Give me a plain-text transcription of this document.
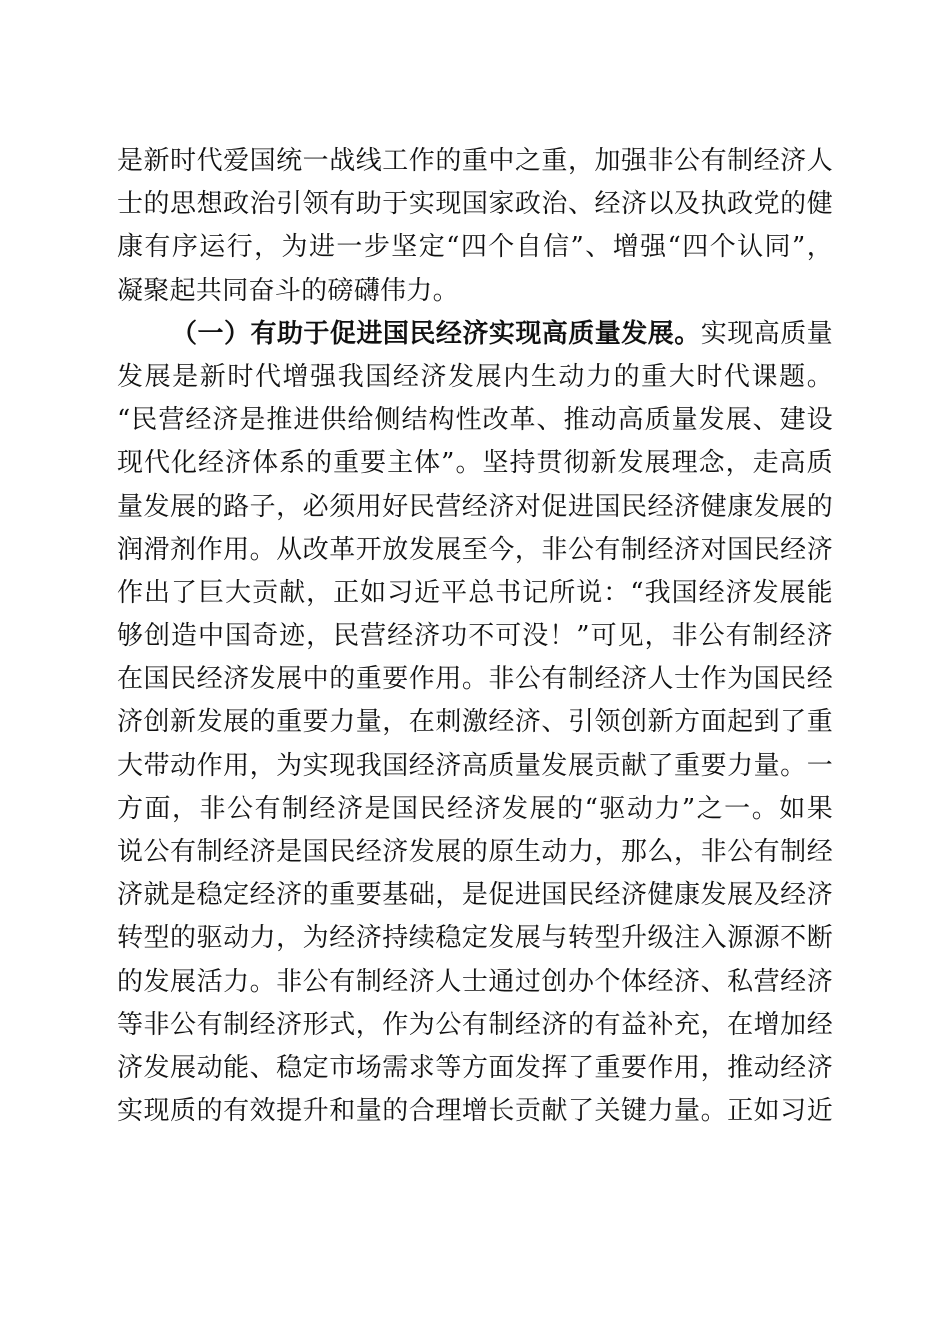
是新时代爱国统一战线工作的重中之重，加强非公有制经济人
士的思想政治引领有助于实现国家政治、经济以及执政党的健
康有序运行，为进一步坚定“四个自信”、增强“四个认同”，
凝聚起共同奋斗的磅礴伟力。
（一）有助于促进国民经济实现高质量发展。实现高质量
发展是新时代增强我国经济发展内生动力的重大时代课题。
“民营经济是推进供给侧结构性改革、推动高质量发展、建设
现代化经济体系的重要主体”。坚持贯彻新发展理念，走高质
量发展的路子，必须用好民营经济对促进国民经济健康发展的
润滑剂作用。从改革开放发展至今，非公有制经济对国民经济
作出了巨大贡献，正如习近平总书记所说：“我国经济发展能
够创造中国奇迹，民营经济功不可没！”可见，非公有制经济
在国民经济发展中的重要作用。非公有制经济人士作为国民经
济创新发展的重要力量，在刺激经济、引领创新方面起到了重
大带动作用，为实现我国经济高质量发展贡献了重要力量。一
方面，非公有制经济是国民经济发展的“驱动力”之一。如果
说公有制经济是国民经济发展的原生动力，那么，非公有制经
济就是稳定经济的重要基础，是促进国民经济健康发展及经济
转型的驱动力，为经济持续稳定发展与转型升级注入源源不断
的发展活力。非公有制经济人士通过创办个体经济、私营经济
等非公有制经济形式，作为公有制经济的有益补充，在增加经
济发展动能、稳定市场需求等方面发挥了重要作用，推动经济
实现质的有效提升和量的合理增长贡献了关键力量。正如习近
